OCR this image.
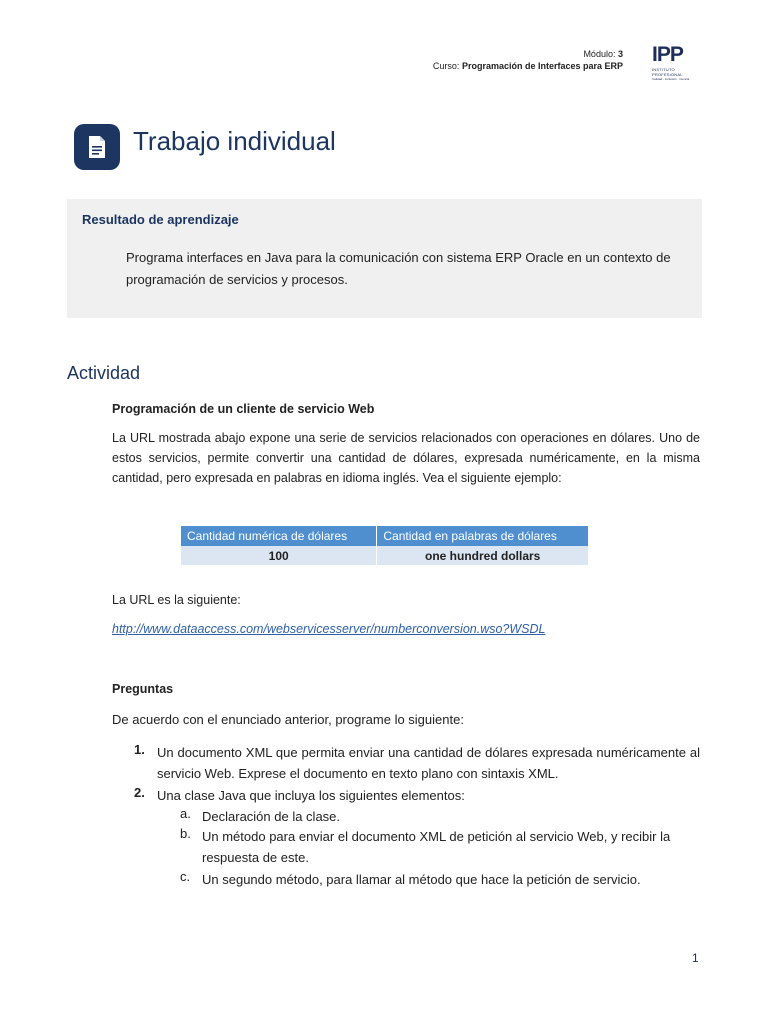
Módulo: 3
Curso: Programación de Interfaces para ERP IPP
INSTITUTO PROFESIONAL
Calidad · Inclusión · Ciencia
Trabajo individual
Resultado de aprendizaje
Programa interfaces en Java para la comunicación con sistema ERP Oracle en un contexto de programación de servicios y procesos.
Actividad
Programación de un cliente de servicio Web
La URL mostrada abajo expone una serie de servicios relacionados con operaciones en dólares. Uno de estos servicios, permite convertir una cantidad de dólares, expresada numéricamente, en la misma cantidad, pero expresada en palabras en idioma inglés. Vea el siguiente ejemplo:
Cantidad numérica de dólares	Cantidad en palabras de dólares
100	one hundred dollars
La URL es la siguiente:
http://www.dataaccess.com/webservicesserver/numberconversion.wso?WSDL
Preguntas
De acuerdo con el enunciado anterior, programe lo siguiente:
1. Un documento XML que permita enviar una cantidad de dólares expresada numéricamente al servicio Web. Exprese el documento en texto plano con sintaxis XML.
2. Una clase Java que incluya los siguientes elementos:
a. Declaración de la clase.
b. Un método para enviar el documento XML de petición al servicio Web, y recibir la respuesta de este.
c. Un segundo método, para llamar al método que hace la petición de servicio.
1
